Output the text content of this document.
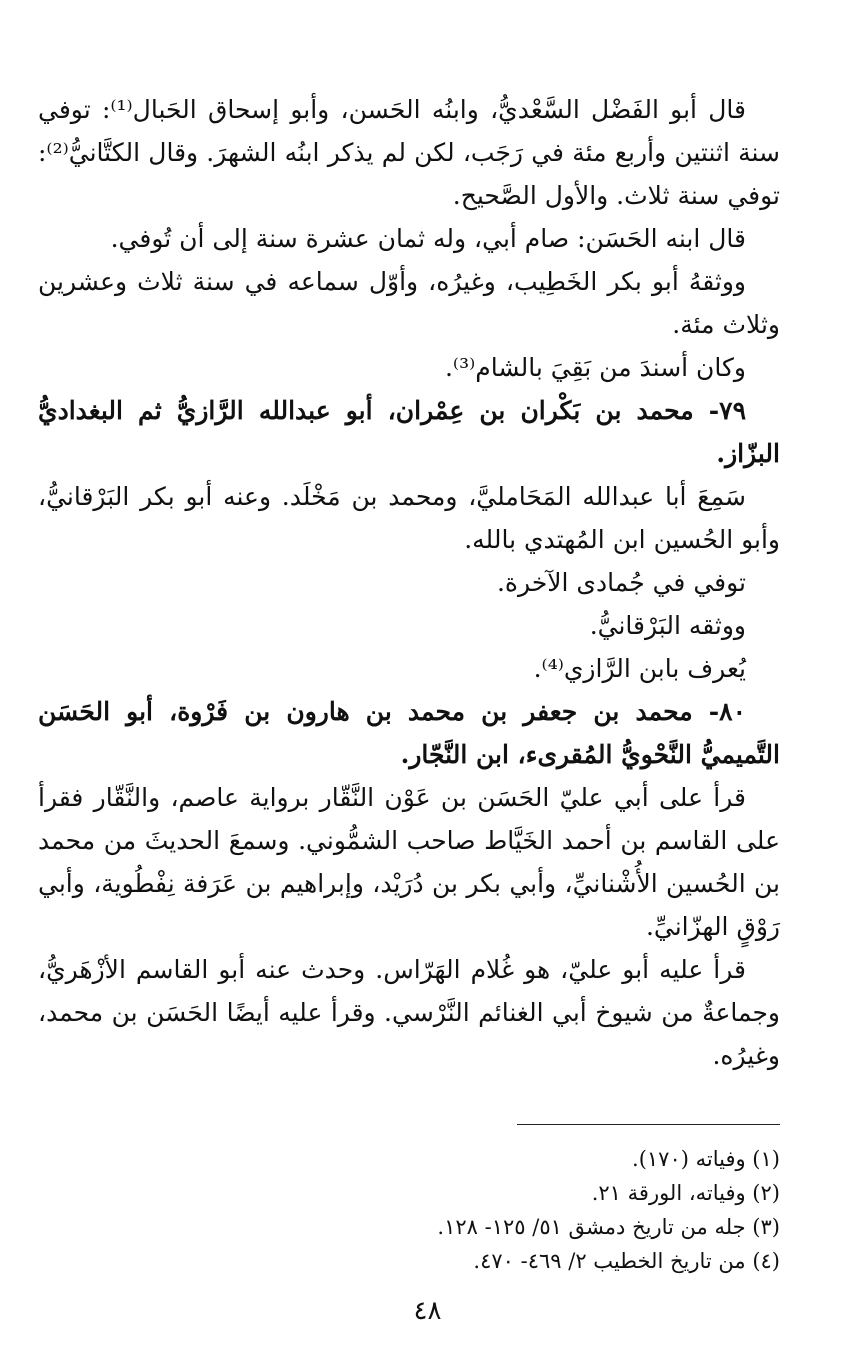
قال أبو الفَضْل السَّعْديُّ، وابنُه الحَسن، وأبو إسحاق الحَبال⁽¹⁾: توفي سنة اثنتين وأربع مئة في رَجَب، لكن لم يذكر ابنُه الشهرَ. وقال الكتَّانيُّ⁽²⁾: توفي سنة ثلاث. والأول الصَّحيح.

قال ابنه الحَسَن: صام أبي، وله ثمان عشرة سنة إلى أن تُوفي.

ووثقهُ أبو بكر الخَطِيب، وغيرُه، وأوّل سماعه في سنة ثلاث وعشرين وثلاث مئة.

وكان أسندَ من بَقِيَ بالشام⁽³⁾.

٧٩- محمد بن بَكْران بن عِمْران، أبو عبدالله الرَّازيُّ ثم البغداديُّ البزّاز.

سَمِعَ أبا عبدالله المَحَامليَّ، ومحمد بن مَخْلَد. وعنه أبو بكر البَرْقانيُّ، وأبو الحُسين ابن المُهتدي بالله.

توفي في جُمادى الآخرة.

ووثقه البَرْقانيُّ.

يُعرف بابن الرَّازي⁽⁴⁾.

٨٠- محمد بن جعفر بن محمد بن هارون بن فَرْوة، أبو الحَسَن التَّميميُّ النَّحْويُّ المُقرىء، ابن النَّجّار.

قرأ على أبي عليّ الحَسَن بن عَوْن النَّقّار برواية عاصم، والنَّقّار فقرأ على القاسم بن أحمد الخَيَّاط صاحب الشمُّوني. وسمعَ الحديثَ من محمد بن الحُسين الأُشْنانيِّ، وأبي بكر بن دُرَيْد، وإبراهيم بن عَرَفة نِفْطُوية، وأبي رَوْقٍ الهزّانيِّ.

قرأ عليه أبو عليّ، هو غُلام الهَرّاس. وحدث عنه أبو القاسم الأزْهَريُّ، وجماعةٌ من شيوخ أبي الغنائم النَّرْسي. وقرأ عليه أيضًا الحَسَن بن محمد، وغيرُه.

(١) وفياته (١٧٠).

(٢) وفياته، الورقة ٢١.

(٣) جله من تاريخ دمشق ٥١/ ١٢٥- ١٢٨.

(٤) من تاريخ الخطيب ٢/ ٤٦٩- ٤٧٠.

٤٨
